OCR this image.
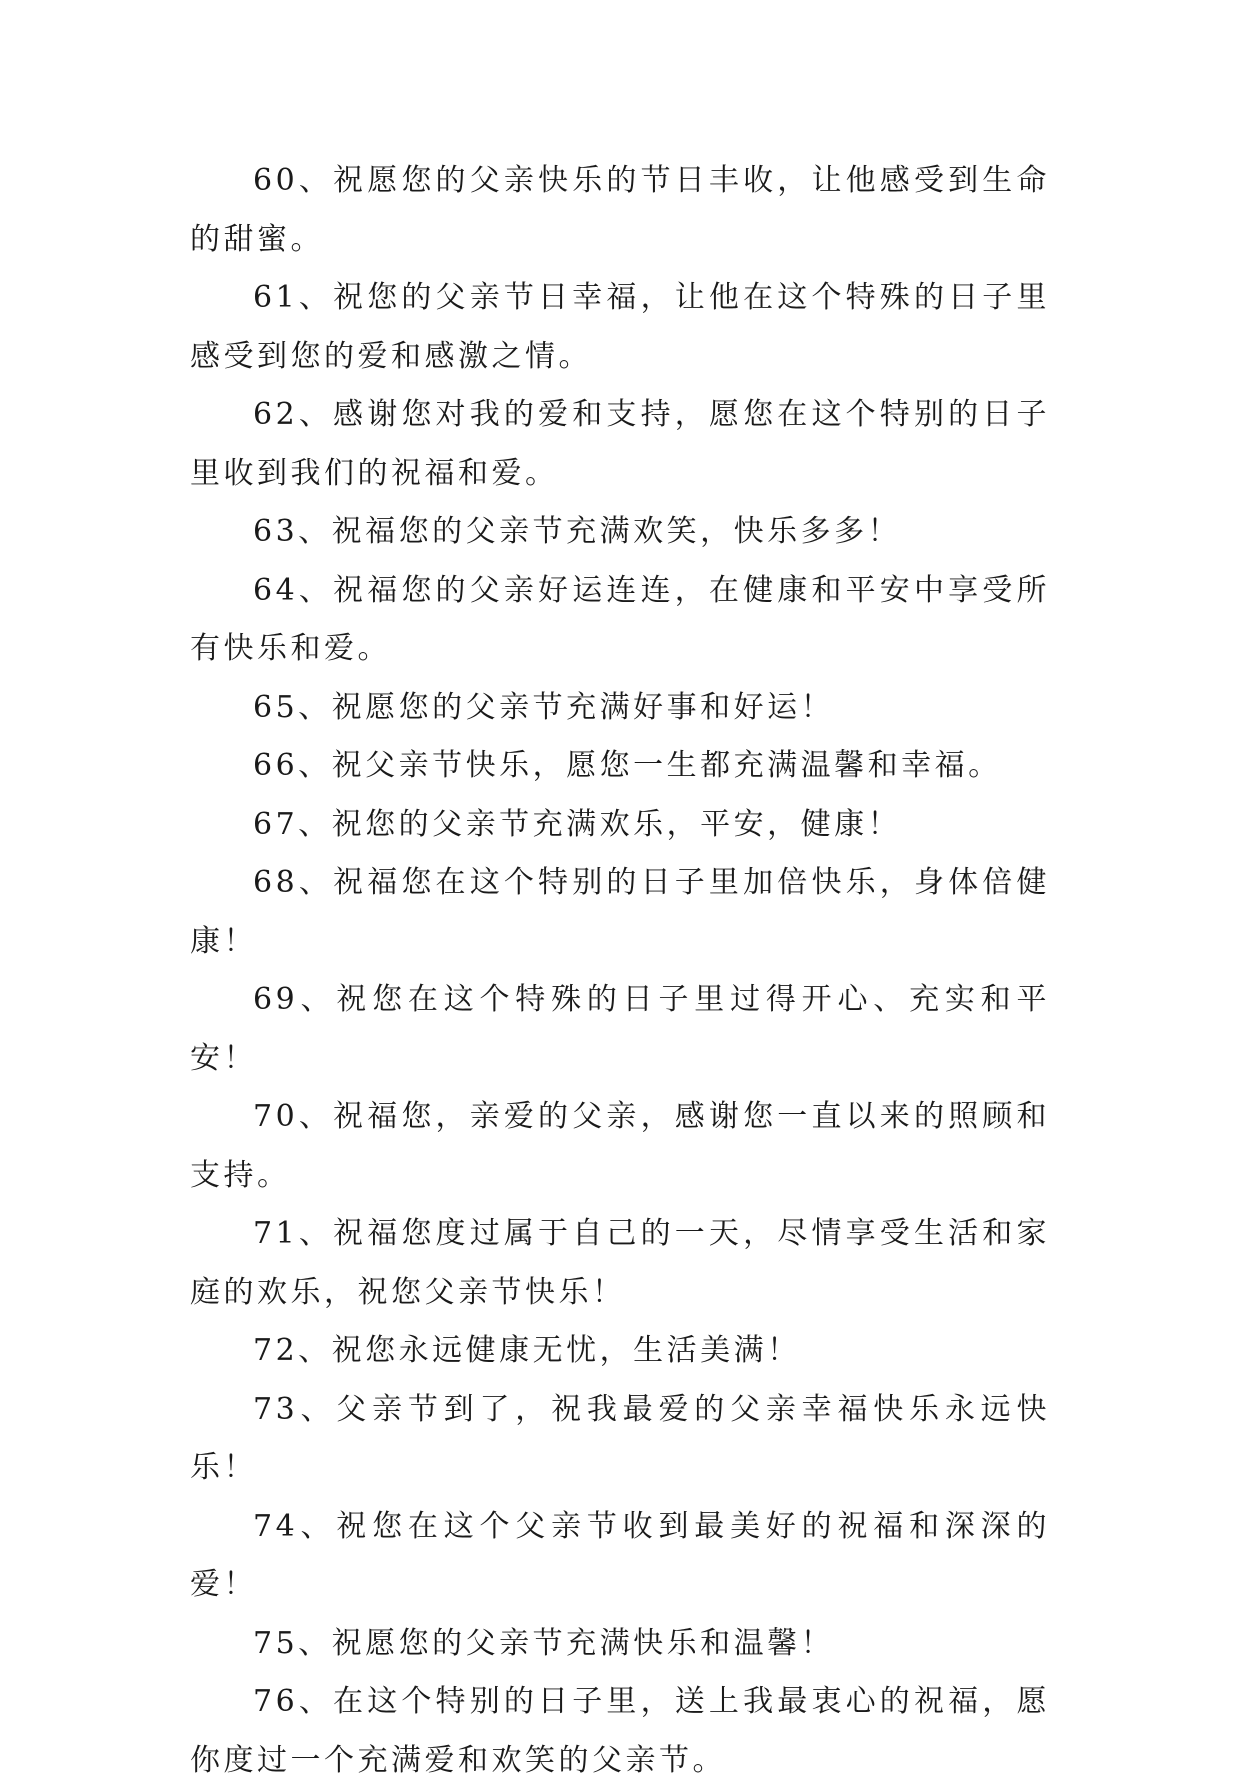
60、祝愿您的父亲快乐的节日丰收，让他感受到生命的甜蜜。

61、祝您的父亲节日幸福，让他在这个特殊的日子里感受到您的爱和感激之情。

62、感谢您对我的爱和支持，愿您在这个特别的日子里收到我们的祝福和爱。

63、祝福您的父亲节充满欢笑，快乐多多！

64、祝福您的父亲好运连连，在健康和平安中享受所有快乐和爱。

65、祝愿您的父亲节充满好事和好运！

66、祝父亲节快乐，愿您一生都充满温馨和幸福。

67、祝您的父亲节充满欢乐，平安，健康！

68、祝福您在这个特别的日子里加倍快乐，身体倍健康！

69、祝您在这个特殊的日子里过得开心、充实和平安！

70、祝福您，亲爱的父亲，感谢您一直以来的照顾和支持。

71、祝福您度过属于自己的一天，尽情享受生活和家庭的欢乐，祝您父亲节快乐！

72、祝您永远健康无忧，生活美满！

73、父亲节到了，祝我最爱的父亲幸福快乐永远快乐！

74、祝您在这个父亲节收到最美好的祝福和深深的爱！

75、祝愿您的父亲节充满快乐和温馨！

76、在这个特别的日子里，送上我最衷心的祝福，愿你度过一个充满爱和欢笑的父亲节。
